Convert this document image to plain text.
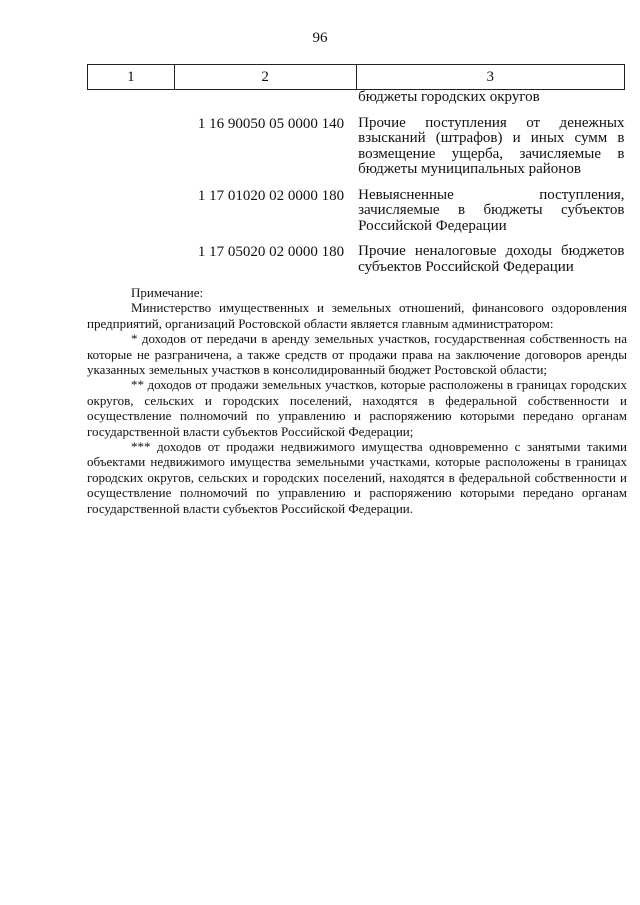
96
1	2	3

		бюджеты городских округов

	1 16 90050 05 0000 140	Прочие поступления от денежных взысканий (штрафов) и иных сумм в возмещение ущерба, зачисляемые в бюджеты муниципальных районов

	1 17 01020 02 0000 180	Невыясненные поступления, зачисляемые в бюджеты субъектов Российской Федерации

	1 17 05020 02 0000 180	Прочие неналоговые доходы бюджетов субъектов Российской Федерации

Примечание:

Министерство имущественных и земельных отношений, финансового оздоровления предприятий, организаций Ростовской области является главным администратором:

* доходов от передачи в аренду земельных участков, государственная собственность на которые не разграничена, а также средств от продажи права на заключение договоров аренды указанных земельных участков в консолидированный бюджет Ростовской области;

** доходов от продажи земельных участков, которые расположены в границах городских округов, сельских и городских поселений, находятся в федеральной собственности и осуществление полномочий по управлению и распоряжению которыми передано органам государственной власти субъектов Российской Федерации;

*** доходов от продажи недвижимого имущества одновременно с занятыми такими объектами недвижимого имущества земельными участками, которые расположены в границах городских округов, сельских и городских поселений, находятся в федеральной собственности и осуществление полномочий по управлению и распоряжению которыми передано органам государственной власти субъектов Российской Федерации.
